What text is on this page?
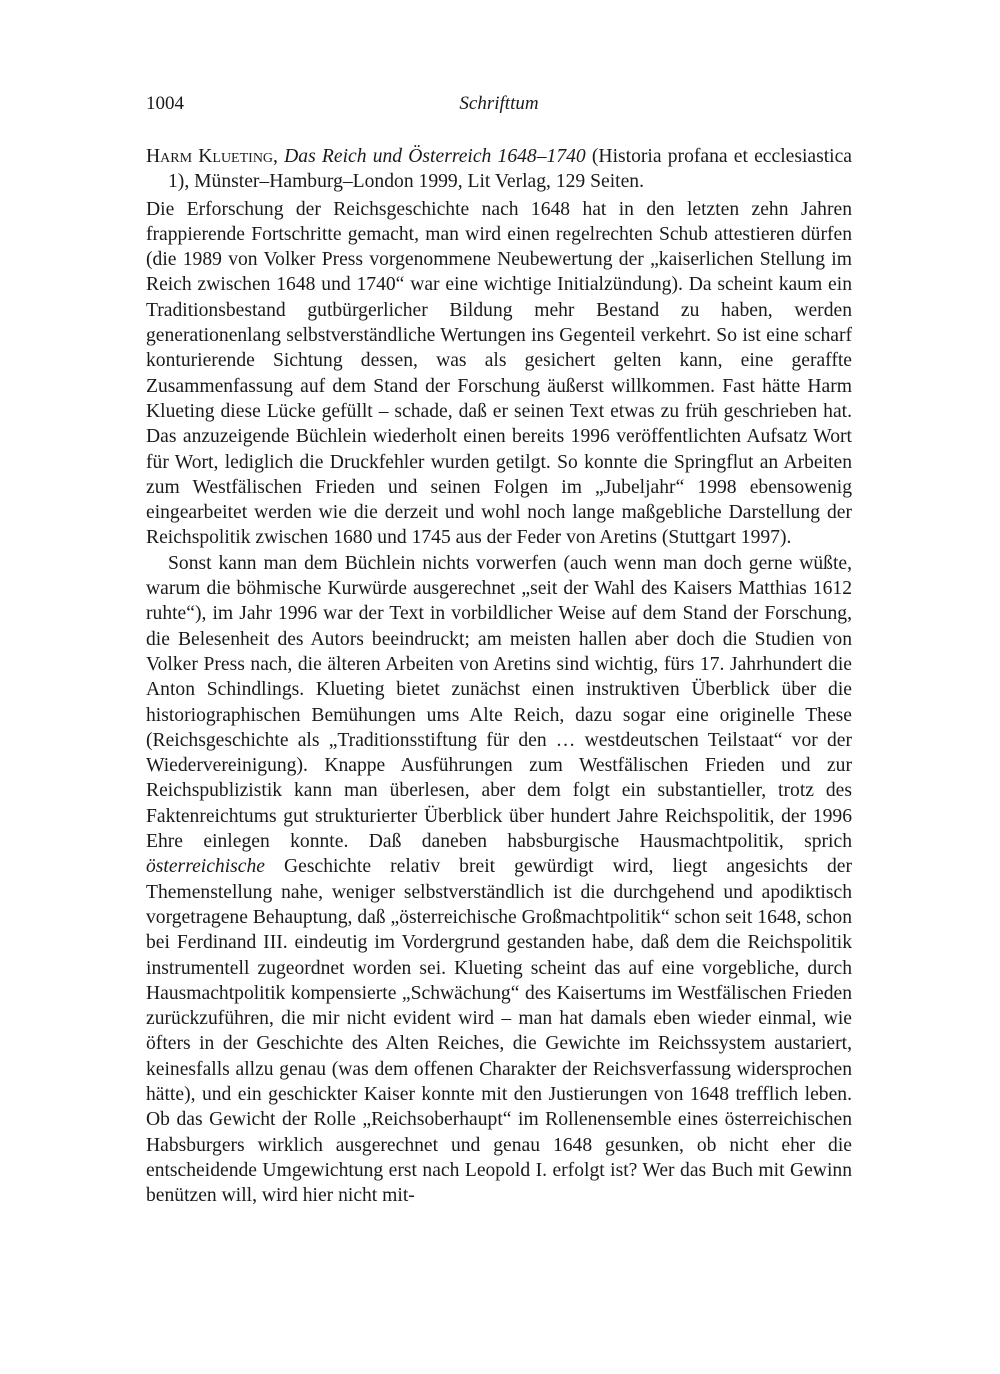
1004	Schrifttum

Harm Klueting, Das Reich und Österreich 1648–1740 (Historia profana et ecclesiastica 1), Münster–Hamburg–London 1999, Lit Verlag, 129 Seiten.

Die Erforschung der Reichsgeschichte nach 1648 hat in den letzten zehn Jahren frappierende Fortschritte gemacht, man wird einen regelrechten Schub attestieren dürfen (die 1989 von Volker Press vorgenommene Neubewertung der „kaiserlichen Stellung im Reich zwischen 1648 und 1740“ war eine wichtige Initialzündung). Da scheint kaum ein Traditionsbestand gutbürgerlicher Bildung mehr Bestand zu haben, werden generationenlang selbstverständliche Wertungen ins Gegenteil verkehrt. So ist eine scharf konturierende Sichtung dessen, was als gesichert gelten kann, eine geraffte Zusammenfassung auf dem Stand der Forschung äußerst willkommen. Fast hätte Harm Klueting diese Lücke gefüllt – schade, daß er seinen Text etwas zu früh geschrieben hat. Das anzuzeigende Büchlein wiederholt einen bereits 1996 veröffentlichten Aufsatz Wort für Wort, lediglich die Druckfehler wurden getilgt. So konnte die Springflut an Arbeiten zum Westfälischen Frieden und seinen Folgen im „Jubeljahr“ 1998 ebensowenig eingearbeitet werden wie die derzeit und wohl noch lange maßgebliche Darstellung der Reichspolitik zwischen 1680 und 1745 aus der Feder von Aretins (Stuttgart 1997).

Sonst kann man dem Büchlein nichts vorwerfen (auch wenn man doch gerne wüßte, warum die böhmische Kurwürde ausgerechnet „seit der Wahl des Kaisers Matthias 1612 ruhte“), im Jahr 1996 war der Text in vorbildlicher Weise auf dem Stand der Forschung, die Belesenheit des Autors beeindruckt; am meisten hallen aber doch die Studien von Volker Press nach, die älteren Arbeiten von Aretins sind wichtig, fürs 17. Jahrhundert die Anton Schindlings. Klueting bietet zunächst einen instruktiven Überblick über die historiographischen Bemühungen ums Alte Reich, dazu sogar eine originelle These (Reichsgeschichte als „Traditionsstiftung für den … westdeutschen Teilstaat“ vor der Wiedervereinigung). Knappe Ausführungen zum Westfälischen Frieden und zur Reichspublizistik kann man überlesen, aber dem folgt ein substantieller, trotz des Faktenreichtums gut strukturierter Überblick über hundert Jahre Reichspolitik, der 1996 Ehre einlegen konnte. Daß daneben habsburgische Hausmachtpolitik, sprich österreichische Geschichte relativ breit gewürdigt wird, liegt angesichts der Themenstellung nahe, weniger selbstverständlich ist die durchgehend und apodiktisch vorgetragene Behauptung, daß „österreichische Großmachtpolitik“ schon seit 1648, schon bei Ferdinand III. eindeutig im Vordergrund gestanden habe, daß dem die Reichspolitik instrumentell zugeordnet worden sei. Klueting scheint das auf eine vorgebliche, durch Hausmachtpolitik kompensierte „Schwächung“ des Kaisertums im Westfälischen Frieden zurückzuführen, die mir nicht evident wird – man hat damals eben wieder einmal, wie öfters in der Geschichte des Alten Reiches, die Gewichte im Reichssystem austariert, keinesfalls allzu genau (was dem offenen Charakter der Reichsverfassung widersprochen hätte), und ein geschickter Kaiser konnte mit den Justierungen von 1648 trefflich leben. Ob das Gewicht der Rolle „Reichsoberhaupt“ im Rollenensemble eines österreichischen Habsburgers wirklich ausgerechnet und genau 1648 gesunken, ob nicht eher die entscheidende Umgewichtung erst nach Leopold I. erfolgt ist? Wer das Buch mit Gewinn benützen will, wird hier nicht mit-
